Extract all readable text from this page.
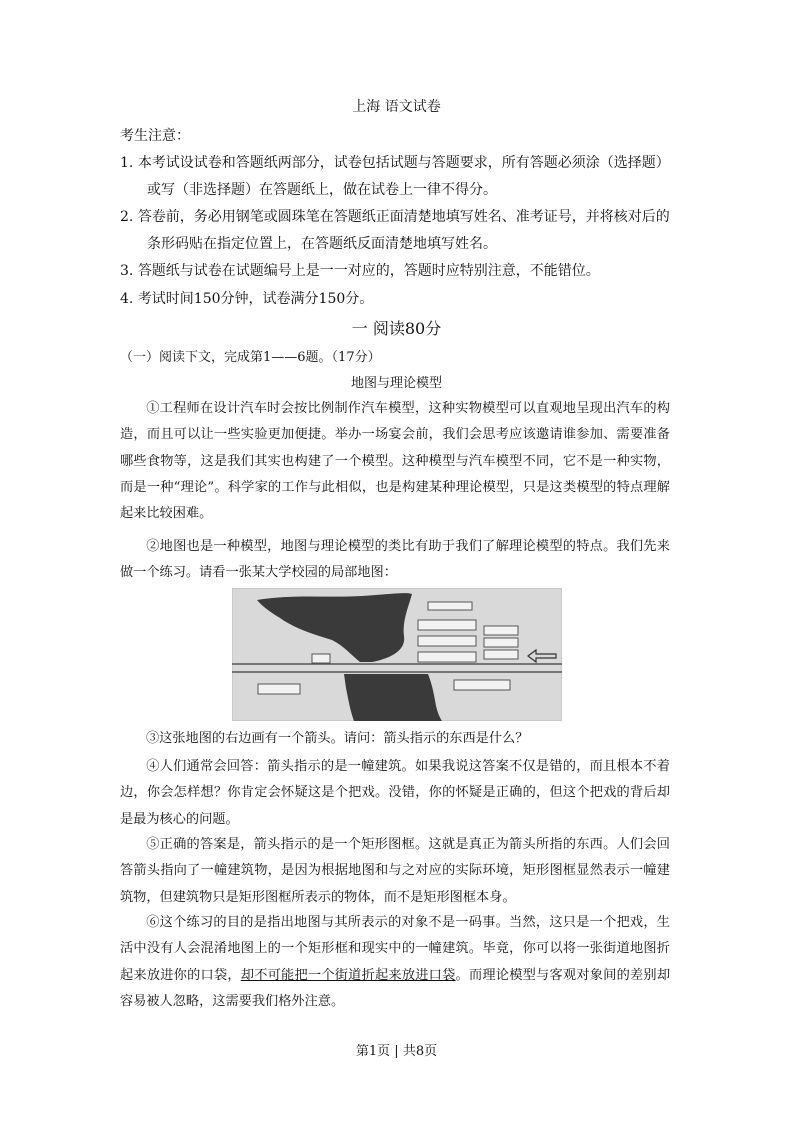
上海 语文试卷
考生注意：
1. 本考试设试卷和答题纸两部分，试卷包括试题与答题要求，所有答题必须涂（选择题）
或写（非选择题）在答题纸上，做在试卷上一律不得分。
2. 答卷前，务必用钢笔或圆珠笔在答题纸正面清楚地填写姓名、准考证号，并将核对后的
条形码贴在指定位置上，在答题纸反面清楚地填写姓名。
3. 答题纸与试卷在试题编号上是一一对应的，答题时应特别注意，不能错位。
4. 考试时间150分钟，试卷满分150分。
一 阅读80分
（一）阅读下文，完成第1——6题。（17分）
地图与理论模型

①工程师在设计汽车时会按比例制作汽车模型，这种实物模型可以直观地呈现出汽车的构造，而且可以让一些实验更加便捷。举办一场宴会前，我们会思考应该邀请谁参加、需要准备哪些食物等，这是我们其实也构建了一个模型。这种模型与汽车模型不同，它不是一种实物，而是一种“理论”。科学家的工作与此相似，也是构建某种理论模型，只是这类模型的特点理解起来比较困难。

②地图也是一种模型，地图与理论模型的类比有助于我们了解理论模型的特点。我们先来做一个练习。请看一张某大学校园的局部地图：

③这张地图的右边画有一个箭头。请问：箭头指示的东西是什么？

④人们通常会回答：箭头指示的是一幢建筑。如果我说这答案不仅是错的，而且根本不着边，你会怎样想？你肯定会怀疑这是个把戏。没错，你的怀疑是正确的，但这个把戏的背后却是最为核心的问题。

⑤正确的答案是，箭头指示的是一个矩形图框。这就是真正为箭头所指的东西。人们会回答箭头指向了一幢建筑物，是因为根据地图和与之对应的实际环境，矩形图框显然表示一幢建筑物，但建筑物只是矩形图框所表示的物体，而不是矩形图框本身。

⑥这个练习的目的是指出地图与其所表示的对象不是一码事。当然，这只是一个把戏，生活中没有人会混淆地图上的一个矩形框和现实中的一幢建筑。毕竟，你可以将一张街道地图折起来放进你的口袋，却不可能把一个街道折起来放进口袋。而理论模型与客观对象间的差别却容易被人忽略，这需要我们格外注意。

第1页 | 共8页
